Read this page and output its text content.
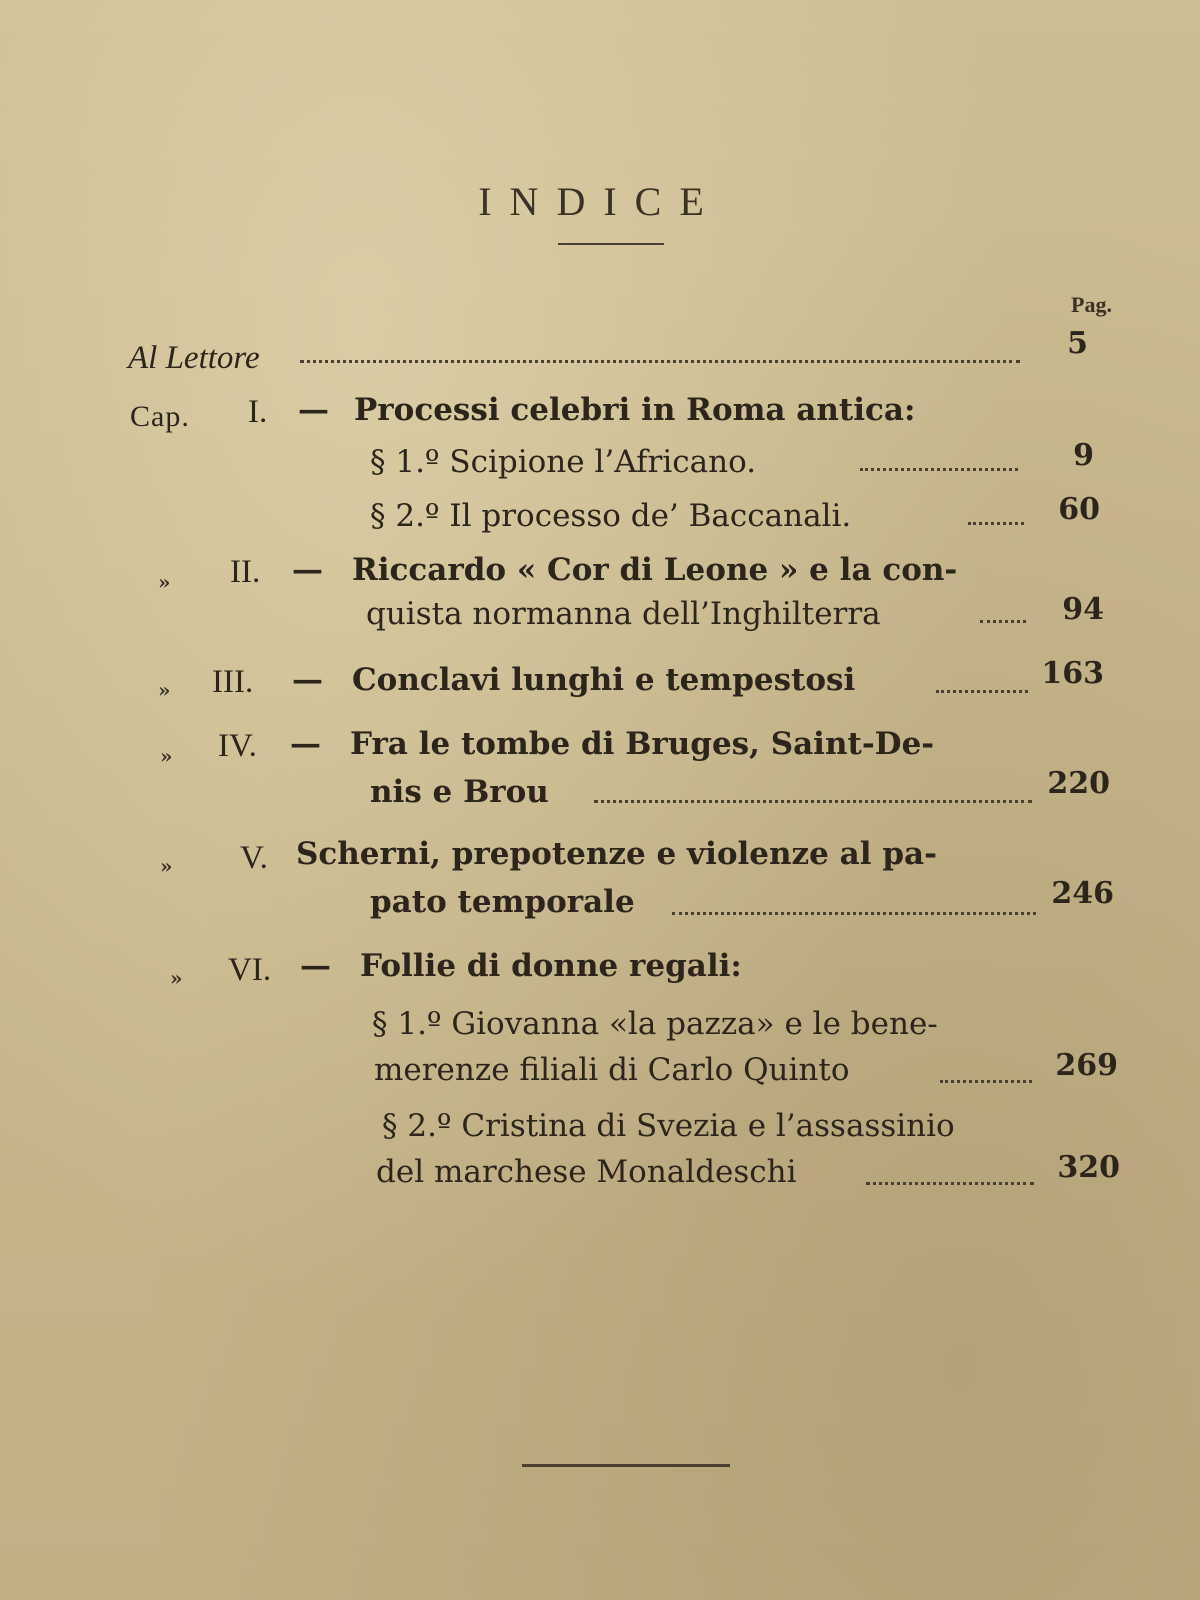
INDICE
Pag.
Al Lettore	5
Cap. I. — Processi celebri in Roma antica:
§ 1.º Scipione l’Africano.	9
§ 2.º Il processo de’ Baccanali.	60
» II. — Riccardo « Cor di Leone » e la con-
quista normanna dell’Inghilterra	94
» III. — Conclavi lunghi e tempestosi	163
» IV. — Fra le tombe di Bruges, Saint-De-
nis e Brou	220
» V. Scherni, prepotenze e violenze al pa-
pato temporale	246
» VI. — Follie di donne regali:
§ 1.º Giovanna «la pazza» e le bene-
merenze filiali di Carlo Quinto	269
§ 2.º Cristina di Svezia e l’assassinio
del marchese Monaldeschi	320
